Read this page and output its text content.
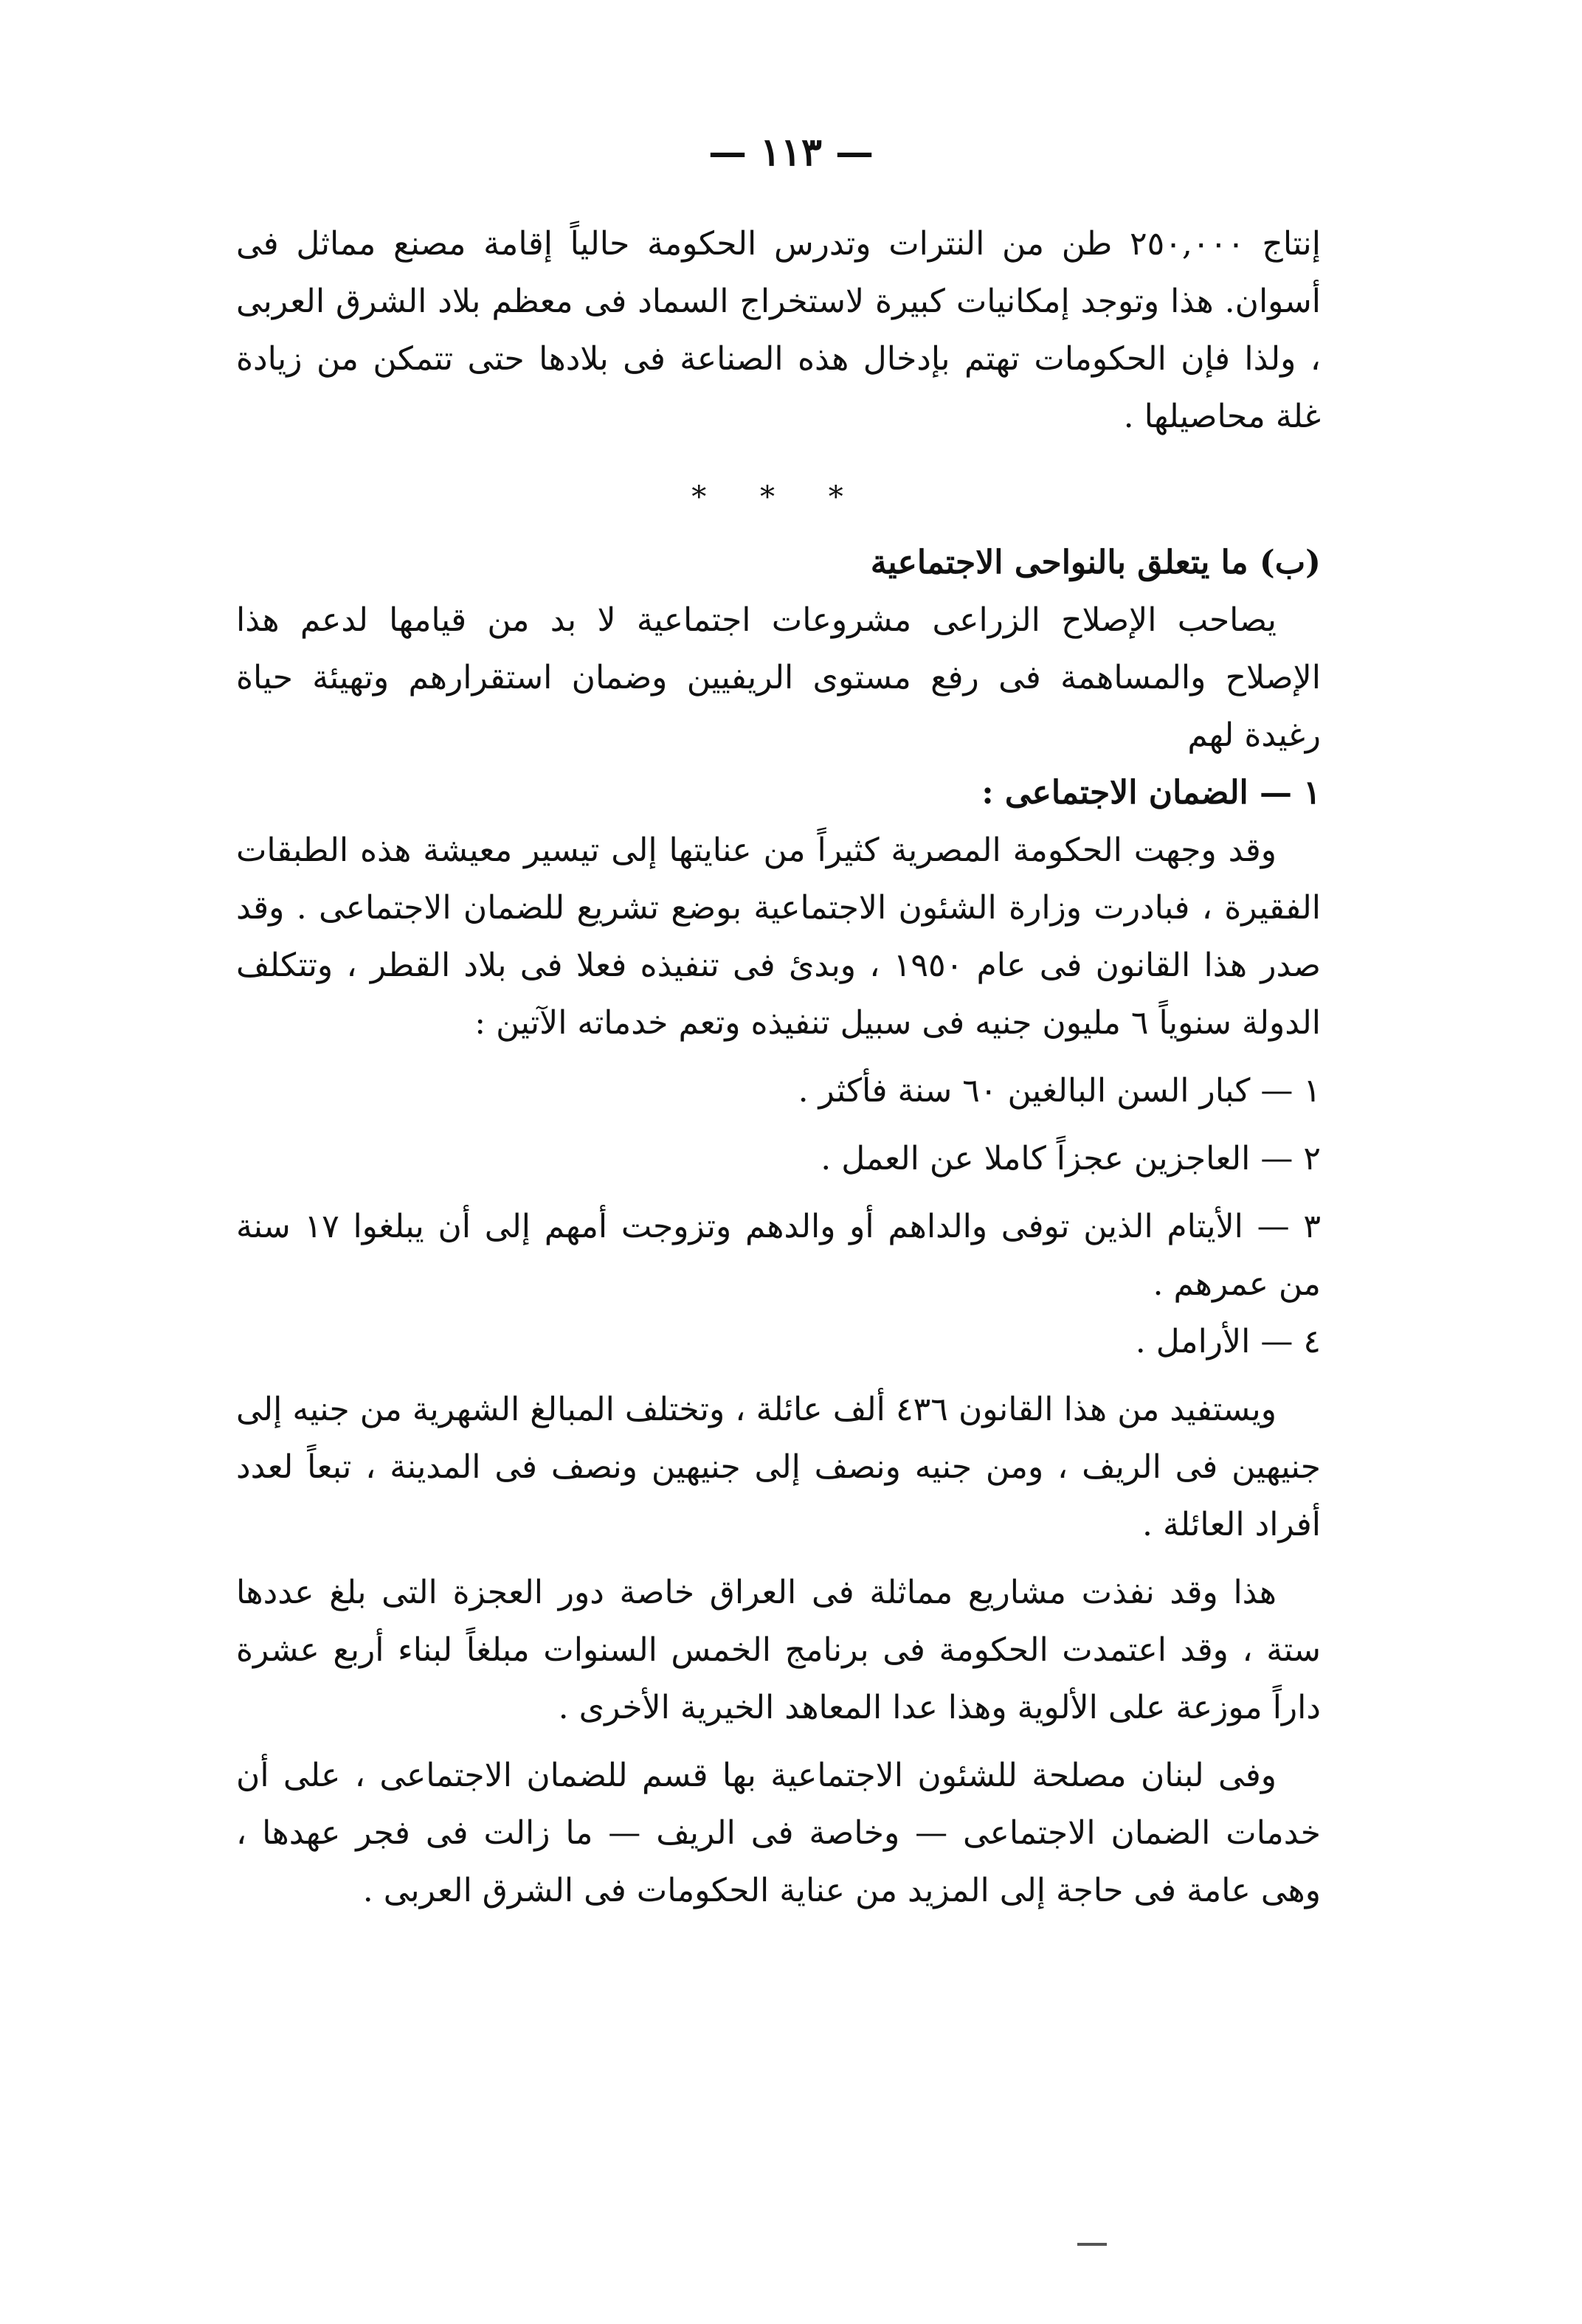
— ١١٣ —

إنتاج ٢٥٠,٠٠٠ طن من النترات وتدرس الحكومة حالياً إقامة مصنع مماثل فى أسوان. هذا وتوجد إمكانيات كبيرة لاستخراج السماد فى معظم بلاد الشرق العربى ، ولذا فإن الحكومات تهتم بإدخال هذه الصناعة فى بلادها حتى تتمكن من زيادة غلة محاصيلها .

* * *

(ب) ما يتعلق بالنواحى الاجتماعية

يصاحب الإصلاح الزراعى مشروعات اجتماعية لا بد من قيامها لدعم هذا الإصلاح والمساهمة فى رفع مستوى الريفيين وضمان استقرارهم وتهيئة حياة رغيدة لهم

١ — الضمان الاجتماعى :

وقد وجهت الحكومة المصرية كثيراً من عنايتها إلى تيسير معيشة هذه الطبقات الفقيرة ، فبادرت وزارة الشئون الاجتماعية بوضع تشريع للضمان الاجتماعى . وقد صدر هذا القانون فى عام ١٩٥٠ ، وبدئ فى تنفيذه فعلا فى بلاد القطر ، وتتكلف الدولة سنوياً ٦ مليون جنيه فى سبيل تنفيذه وتعم خدماته الآتين :

١ — كبار السن البالغين ٦٠ سنة فأكثر .

٢ — العاجزين عجزاً كاملا عن العمل .

٣ — الأيتام الذين توفى والداهم أو والدهم وتزوجت أمهم إلى أن يبلغوا ١٧ سنة من عمرهم .

٤ — الأرامل .

ويستفيد من هذا القانون ٤٣٦ ألف عائلة ، وتختلف المبالغ الشهرية من جنيه إلى جنيهين فى الريف ، ومن جنيه ونصف إلى جنيهين ونصف فى المدينة ، تبعاً لعدد أفراد العائلة .

هذا وقد نفذت مشاريع مماثلة فى العراق خاصة دور العجزة التى بلغ عددها ستة ، وقد اعتمدت الحكومة فى برنامج الخمس السنوات مبلغاً لبناء أربع عشرة داراً موزعة على الألوية وهذا عدا المعاهد الخيرية الأخرى .

وفى لبنان مصلحة للشئون الاجتماعية بها قسم للضمان الاجتماعى ، على أن خدمات الضمان الاجتماعى — وخاصة فى الريف — ما زالت فى فجر عهدها ، وهى عامة فى حاجة إلى المزيد من عناية الحكومات فى الشرق العربى .
